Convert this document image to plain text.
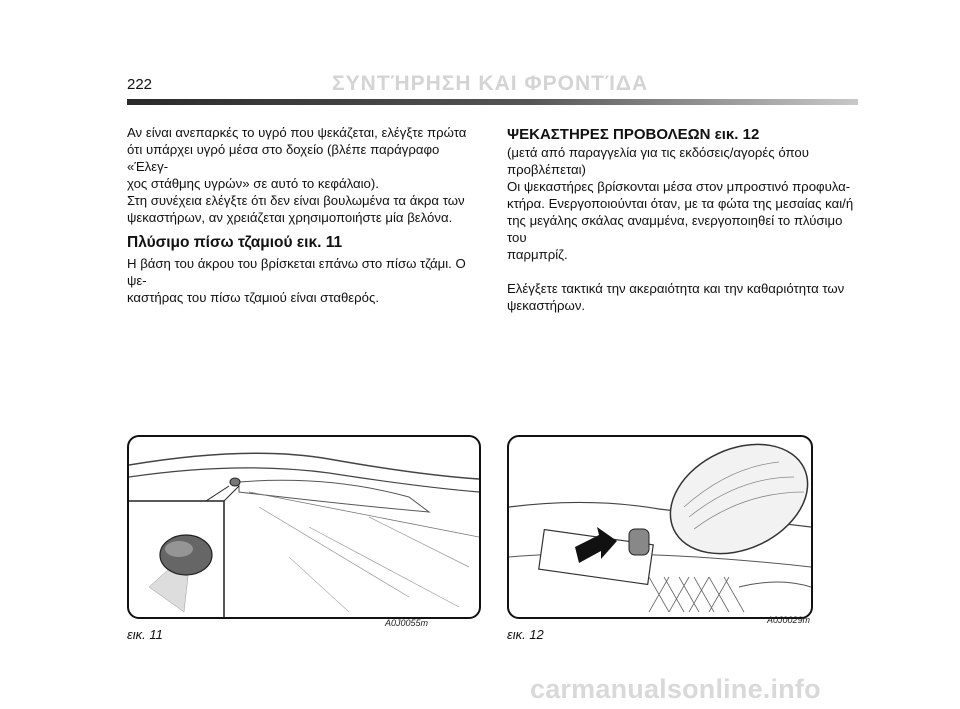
222	ΣΥΝΤΉΡΗΣΗ ΚΑΙ ΦΡΟΝΤΊΔΑ

Αν είναι ανεπαρκές το υγρό που ψεκάζεται, ελέγξτε πρώτα

ότι υπάρχει υγρό μέσα στο δοχείο (βλέπε παράγραφο «Έλεγ-

χος στάθμης υγρών» σε αυτό το κεφάλαιο).

Στη συνέχεια ελέγξτε ότι δεν είναι βουλωμένα τα άκρα των

ψεκαστήρων, αν χρειάζεται χρησιμοποιήστε μία βελόνα.

Πλύσιμο πίσω τζαμιού εικ. 11

Η βάση του άκρου του βρίσκεται επάνω στο πίσω τζάμι. Ο ψε-

καστήρας του πίσω τζαμιού είναι σταθερός.

ΨΕΚΑΣΤΗΡΕΣ ΠΡΟΒΟΛΕΩΝ εικ. 12

(μετά από παραγγελία για τις εκδόσεις/αγορές όπου

προβλέπεται)

Οι ψεκαστήρες βρίσκονται μέσα στον μπροστινό προφυλα-

κτήρα. Ενεργοποιούνται όταν, με τα φώτα της μεσαίας και/ή

της μεγάλης σκάλας αναμμένα, ενεργοποιηθεί το πλύσιμο του

παρμπρίζ.

Ελέγξετε τακτικά την ακεραιότητα και την καθαριότητα των

ψεκαστήρων.

A0J0055m
εικ. 11
A0J0029m
εικ. 12
carmanualsonline.info
